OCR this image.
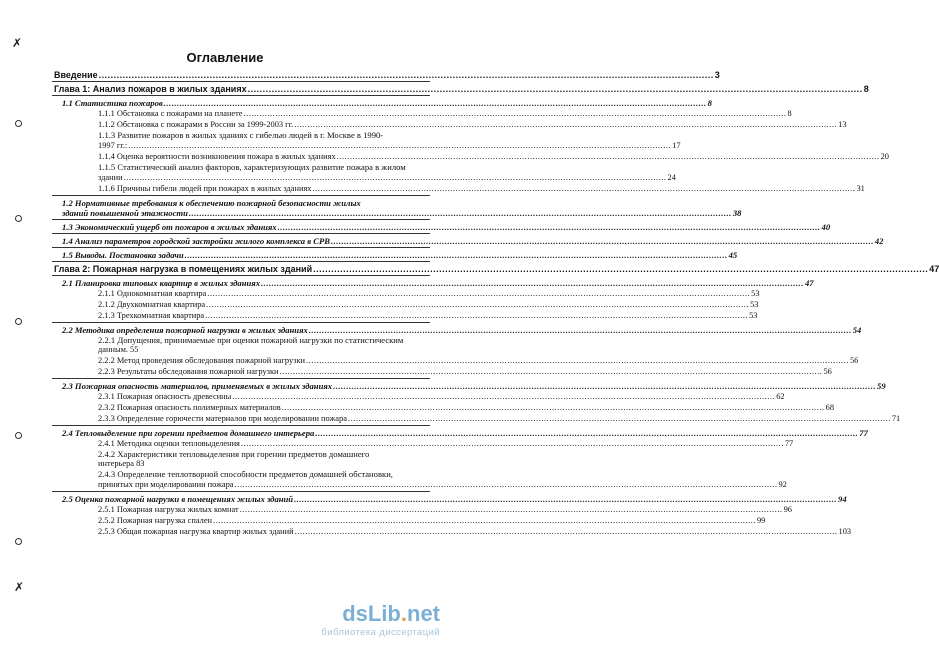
✗
✗
Оглавление
Введение .....	3
Глава 1: Анализ пожаров в жилых зданиях .....	8
1.1 Статистика пожаров .....	8
1.1.1 Обстановка с пожарами на планете .....	8
1.1.2 Обстановка с пожарами в России за 1999-2003 гг. .....	13
1.1.3 Развитие пожаров в жилых зданиях с гибелью людей в г. Москве в 1990-
1997 гг.: .....	17
1.1.4 Оценка вероятности возникновения пожара в жилых зданиях .....	20
1.1.5 Статистический анализ факторов, характеризующих развитие пожара в жилом
здании .....	24
1.1.6 Причины гибели людей при пожарах в жилых зданиях .....	31
1.2 Нормативные требования к обеспечению пожарной безопасности жилых
зданий повышенной этажности .....	38
1.3 Экономический ущерб от пожаров в жилых зданиях .....	40
1.4 Анализ параметров городской застройки жилого комплекса в СРВ .....	42
1.5 Выводы. Постановка задачи .....	45
Глава 2: Пожарная нагрузка в помещениях жилых зданий .....	47
2.1 Планировка типовых квартир в жилых зданиях .....	47
2.1.1 Однокомнатная квартира .....	53
2.1.2 Двухкомнатная квартира .....	53
2.1.3 Трехкомнатная квартира .....	53
2.2 Методика определения пожарной нагрузки в жилых зданиях .....	54
2.2.1 Допущения, принимаемые при оценки пожарной нагрузки по статистическим
данным. 55
2.2.2 Метод проведения обследования пожарной нагрузки .....	56
2.2.3 Результаты обследования пожарной нагрузки .....	56
2.3 Пожарная опасность материалов, применяемых в жилых зданиях .....	59
2.3.1 Пожарная опасность древесины .....	62
2.3.2 Пожарная опасность полимерных материалов .....	68
2.3.3 Определение горючести материалов при моделировании пожара .....	71
2.4 Тепловыделение при горении предметов домашнего интерьера .....	77
2.4.1 Методика оценки тепловыделения .....	77
2.4.2 Характеристики тепловыделения при горении предметов домашнего
интерьера 83
2.4.3 Определение теплотворной способности предметов домашней обстановки,
принятых при моделировании пожара .....	92
2.5 Оценка пожарной нагрузки в помещениях жилых зданий .....	94
2.5.1 Пожарная нагрузка жилых комнат .....	96
2.5.2 Пожарная нагрузка спален .....	99
2.5.3 Общая пожарная нагрузка квартир жилых зданий .....	103
dsLib.net
библиотека диссертаций
